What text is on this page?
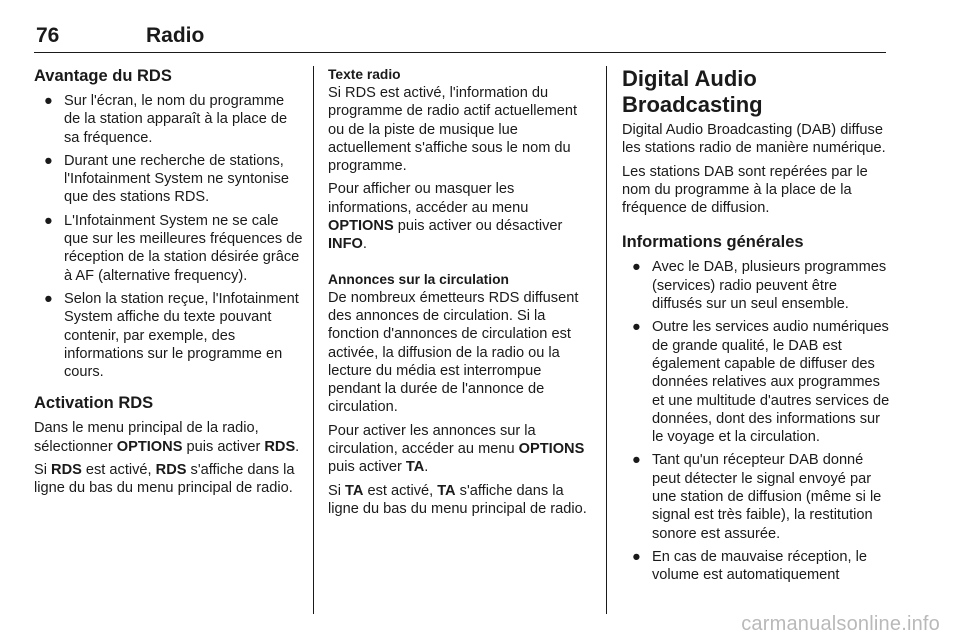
76	Radio
Avantage du RDS
● Sur l'écran, le nom du programme de la station apparaît à la place de sa fréquence.
● Durant une recherche de stations, l'Infotainment System ne syntonise que des stations RDS.
● L'Infotainment System ne se cale que sur les meilleures fréquences de réception de la station désirée grâce à AF (alternative frequency).
● Selon la station reçue, l'Infotainment System affiche du texte pouvant contenir, par exemple, des informations sur le programme en cours.
Activation RDS

Dans le menu principal de la radio, sélectionner OPTIONS puis activer RDS.

Si RDS est activé, RDS s'affiche dans la ligne du bas du menu principal de radio.

Texte radio

Si RDS est activé, l'information du programme de radio actif actuellement ou de la piste de musique lue actuellement s'affiche sous le nom du programme.

Pour afficher ou masquer les informations, accéder au menu OPTIONS puis activer ou désactiver INFO.

Annonces sur la circulation

De nombreux émetteurs RDS diffusent des annonces de circulation. Si la fonction d'annonces de circulation est activée, la diffusion de la radio ou la lecture du média est interrompue pendant la durée de l'annonce de circulation.

Pour activer les annonces sur la circulation, accéder au menu OPTIONS puis activer TA.

Si TA est activé, TA s'affiche dans la ligne du bas du menu principal de radio.

Digital Audio Broadcasting

Digital Audio Broadcasting (DAB) diffuse les stations radio de manière numérique.

Les stations DAB sont repérées par le nom du programme à la place de la fréquence de diffusion.

Informations générales
● Avec le DAB, plusieurs programmes (services) radio peuvent être diffusés sur un seul ensemble.
● Outre les services audio numériques de grande qualité, le DAB est également capable de diffuser des données relatives aux programmes et une multitude d'autres services de données, dont des informations sur le voyage et la circulation.
● Tant qu'un récepteur DAB donné peut détecter le signal envoyé par une station de diffusion (même si le signal est très faible), la restitution sonore est assurée.
● En cas de mauvaise réception, le volume est automatiquement
carmanualsonline.info
